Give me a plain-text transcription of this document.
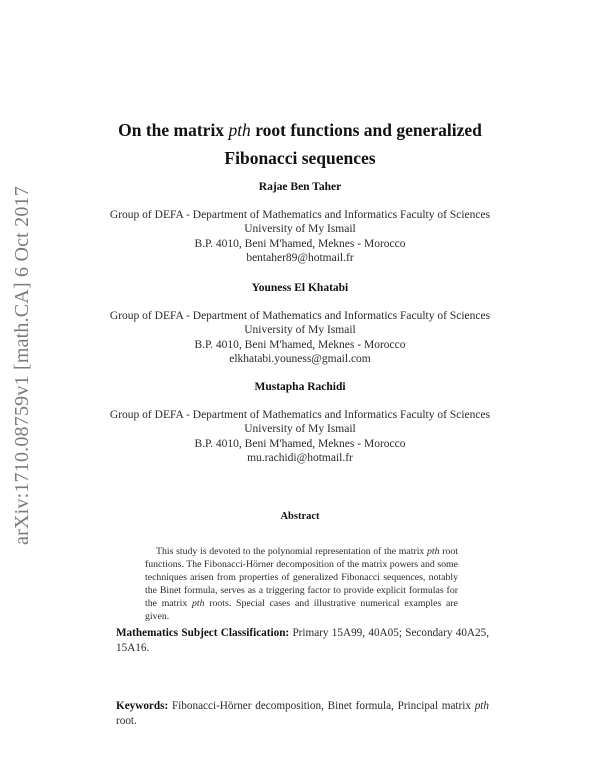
arXiv:1710.08759v1 [math.CA] 6 Oct 2017
On the matrix pth root functions and generalized
Fibonacci sequences
Rajae Ben Taher
Group of DEFA - Department of Mathematics and Informatics Faculty of Sciences
University of My Ismail
B.P. 4010, Beni M'hamed, Meknes - Morocco
bentaher89@hotmail.fr
Youness El Khatabi
Group of DEFA - Department of Mathematics and Informatics Faculty of Sciences
University of My Ismail
B.P. 4010, Beni M'hamed, Meknes - Morocco
elkhatabi.youness@gmail.com
Mustapha Rachidi
Group of DEFA - Department of Mathematics and Informatics Faculty of Sciences
University of My Ismail
B.P. 4010, Beni M'hamed, Meknes - Morocco
mu.rachidi@hotmail.fr
Abstract

This study is devoted to the polynomial representation of the matrix pth root functions. The Fibonacci-Hörner decomposition of the matrix powers and some techniques arisen from properties of generalized Fibonacci sequences, notably the Binet formula, serves as a triggering factor to provide explicit formulas for the matrix pth roots. Special cases and illustrative numerical examples are given.

Mathematics Subject Classification: Primary 15A99, 40A05; Secondary 40A25, 15A16.

Keywords: Fibonacci-Hörner decomposition, Binet formula, Principal matrix pth root.
